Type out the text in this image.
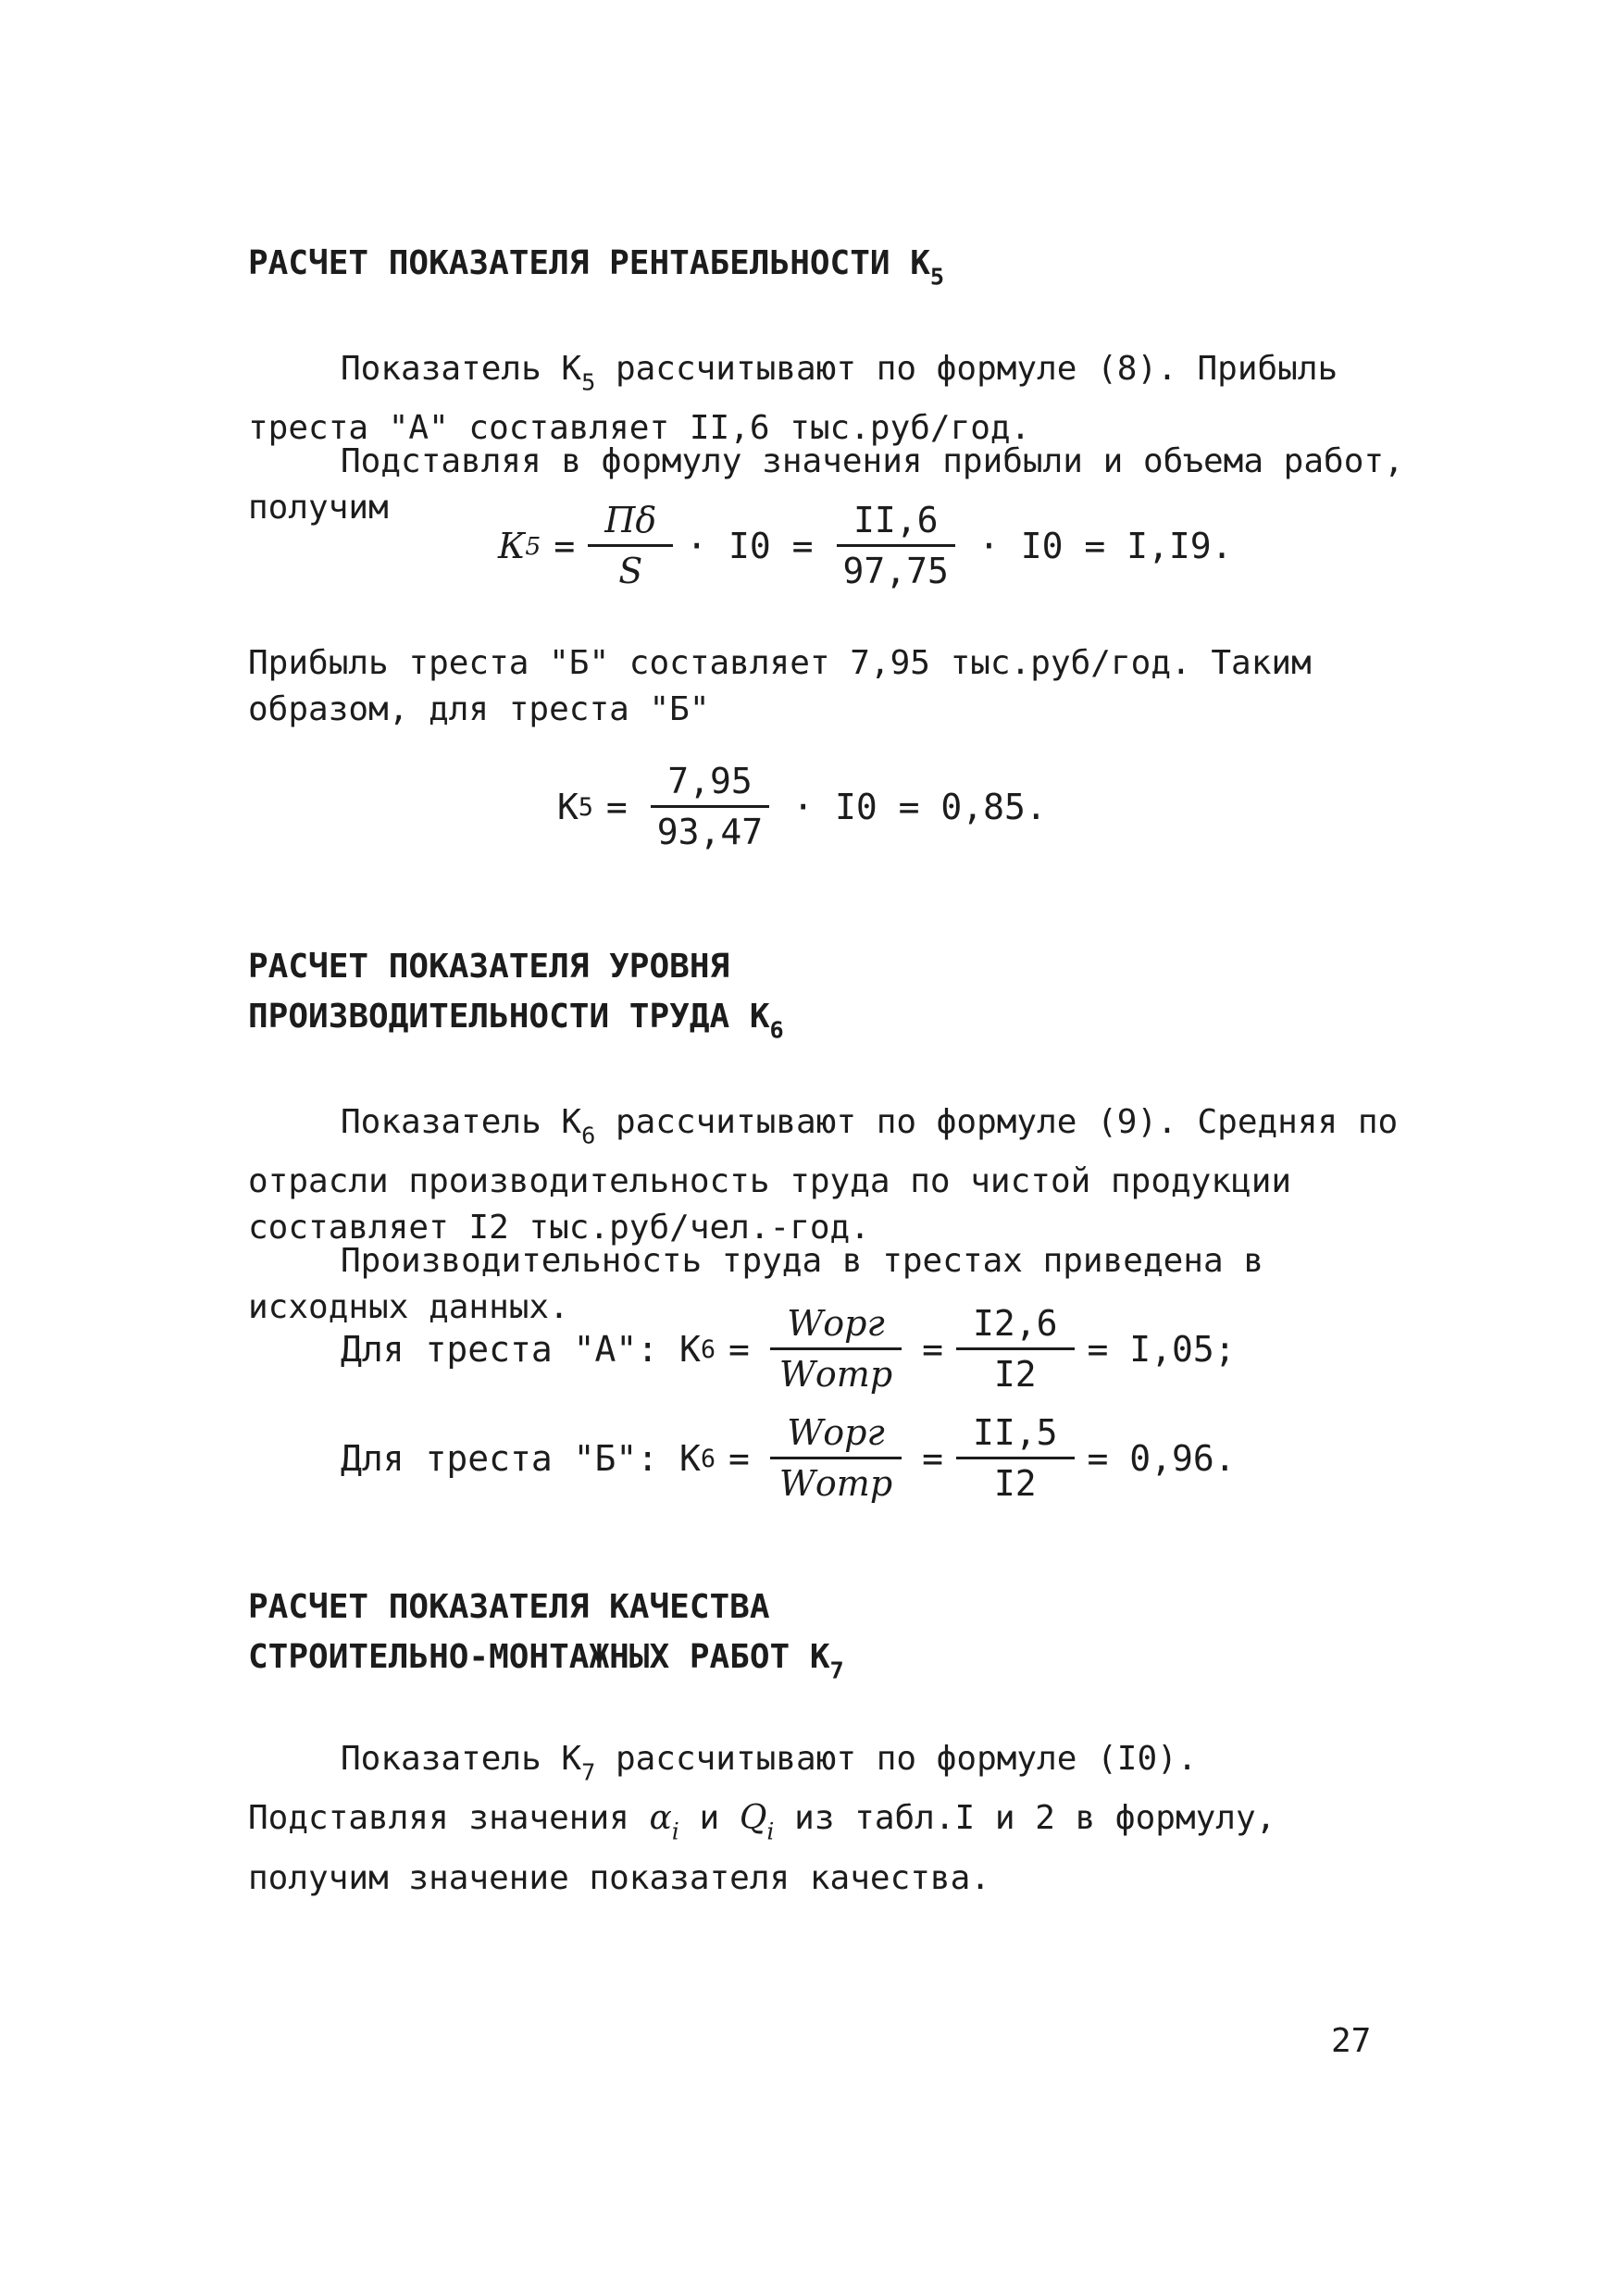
РАСЧЕТ ПОКАЗАТЕЛЯ РЕНТАБЕЛЬНОСТИ $К_5$

Показатель $К_5$ рассчитывают по формуле (8). Прибыль треста "А" составляет II,6 тыс.руб/год.

Подставляя в формулу значения прибыли и объема работ, получим

К $5 = \frac{П\delta}{S} \cdot I0 = \frac{II,6}{97,75} \cdot I0 = I,I9$.

Прибыль треста "Б" составляет 7,95 тыс.руб/год. Таким образом, для треста "Б"

К $5 = \frac{7,95}{93,47} \cdot I0 = 0,85$.
РАСЧЕТ ПОКАЗАТЕЛЯ УРОВНЯ
ПРОИЗВОДИТЕЛЬНОСТИ ТРУДА $К_6$

Показатель $К_6$ рассчитывают по формуле (9). Средняя по отрасли производительность труда по чистой продукции составляет I2 тыс.руб/чел.-год.

Производительность труда в трестах приведена в исходных данных.

Для треста "А": К $6 = \frac{\text{Wорг}}{\text{Wотр}} = \frac{I2,6}{I2} = I,05$;
Для треста "Б": К $6 = \frac{\text{Wорг}}{\text{Wотр}} = \frac{II,5}{I2} = 0,96$.
РАСЧЕТ ПОКАЗАТЕЛЯ КАЧЕСТВА
СТРОИТЕЛЬНО-МОНТАЖНЫХ РАБОТ $К_7$

Показатель $К_7$ рассчитывают по формуле (I0). Подставляя значения $\alpha_i$ и $Q_i$ из табл.I и 2 в формулу, получим значение показателя качества.

27
